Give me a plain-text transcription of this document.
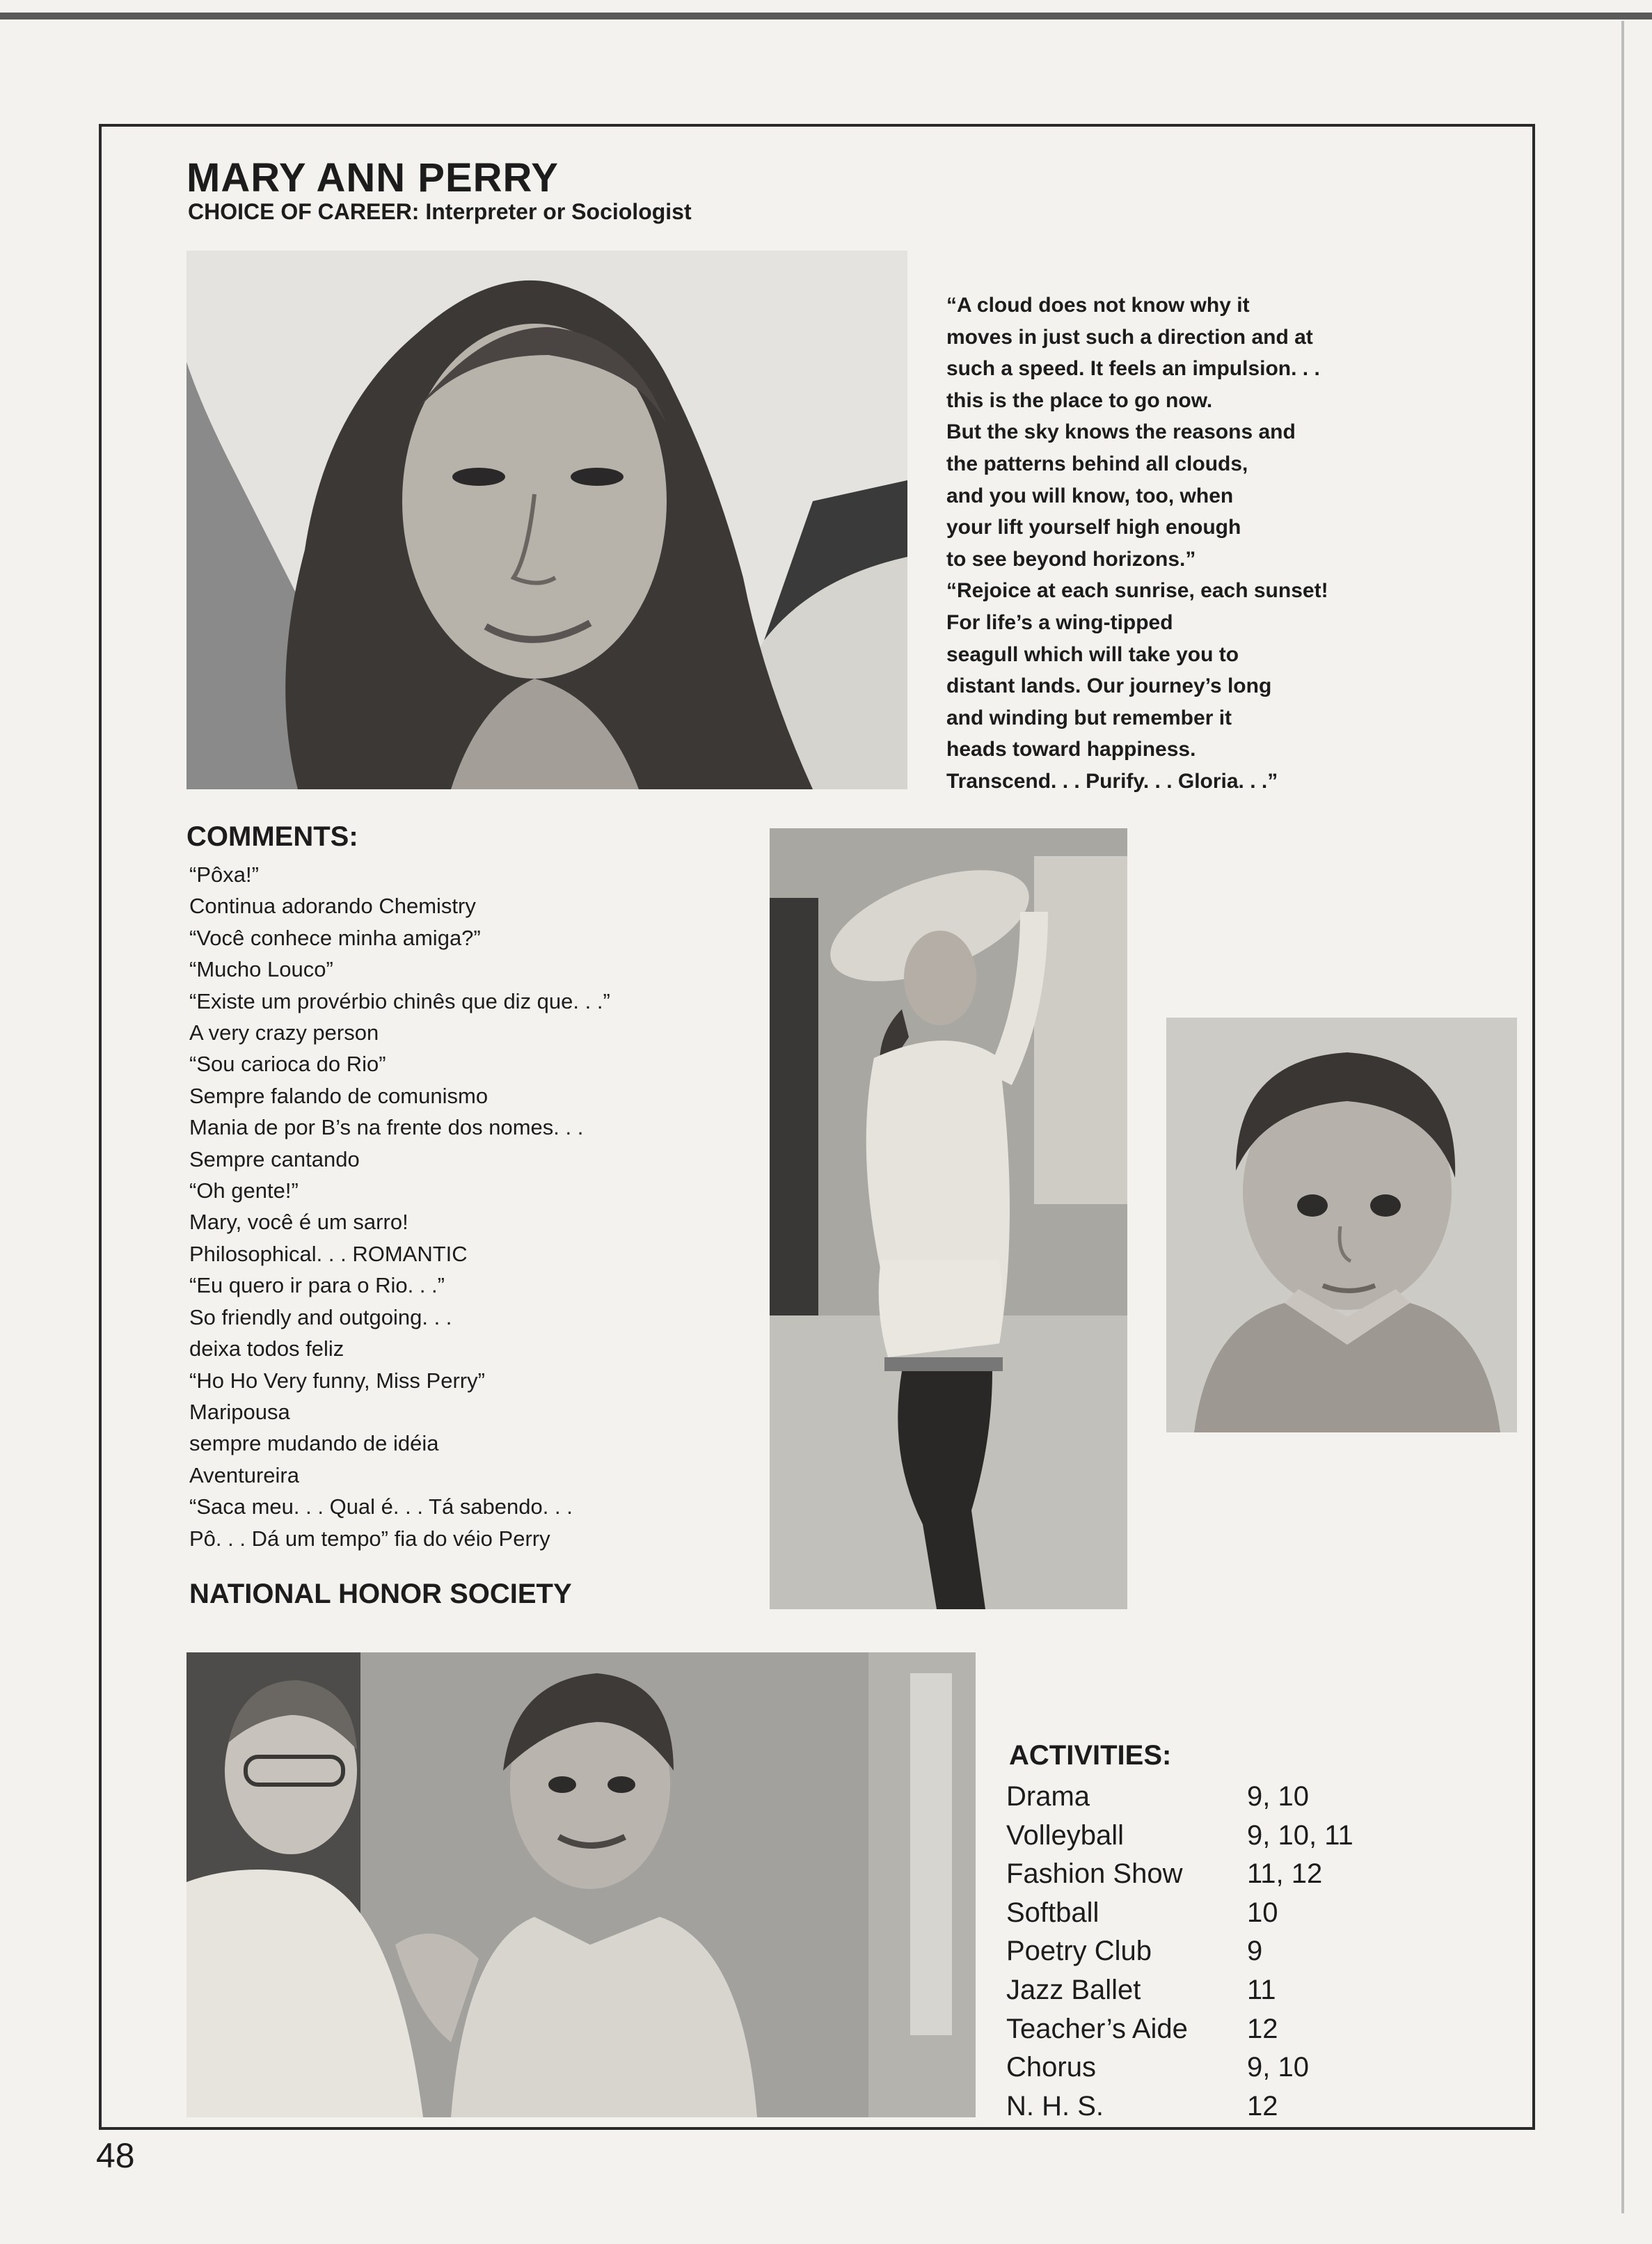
MARY ANN PERRY
CHOICE OF CAREER: Interpreter or Sociologist
“A cloud does not know why it
moves in just such a direction and at
such a speed. It feels an impulsion. . .
this is the place to go now.
But the sky knows the reasons and
the patterns behind all clouds,
and you will know, too, when
your lift yourself high enough
to see beyond horizons.”
“Rejoice at each sunrise, each sunset!
For life’s a wing-tipped
seagull which will take you to
distant lands. Our journey’s long
and winding but remember it
heads toward happiness.
Transcend. . . Purify. . . Gloria. . .”
COMMENTS:
“Pôxa!”
Continua adorando Chemistry
“Você conhece minha amiga?”
“Mucho Louco”
“Existe um provérbio chinês que diz que. . .”
A very crazy person
“Sou carioca do Rio”
Sempre falando de comunismo
Mania de por B’s na frente dos nomes. . .
Sempre cantando
“Oh gente!”
Mary, você é um sarro!
Philosophical. . . ROMANTIC
“Eu quero ir para o Rio. . .”
So friendly and outgoing. . .
deixa todos feliz
“Ho Ho Very funny, Miss Perry”
Maripousa
sempre mudando de idéia
Aventureira
“Saca meu. . . Qual é. . . Tá sabendo. . .
Pô. . . Dá um tempo” fia do véio Perry
NATIONAL HONOR SOCIETY
ACTIVITIES:
Drama	9, 10
Volleyball	9, 10, 11
Fashion Show 11, 12
Softball	10
Poetry Club	9
Jazz Ballet	11
Teacher’s Aide 12
Chorus	9, 10
N. H. S.	12
48
